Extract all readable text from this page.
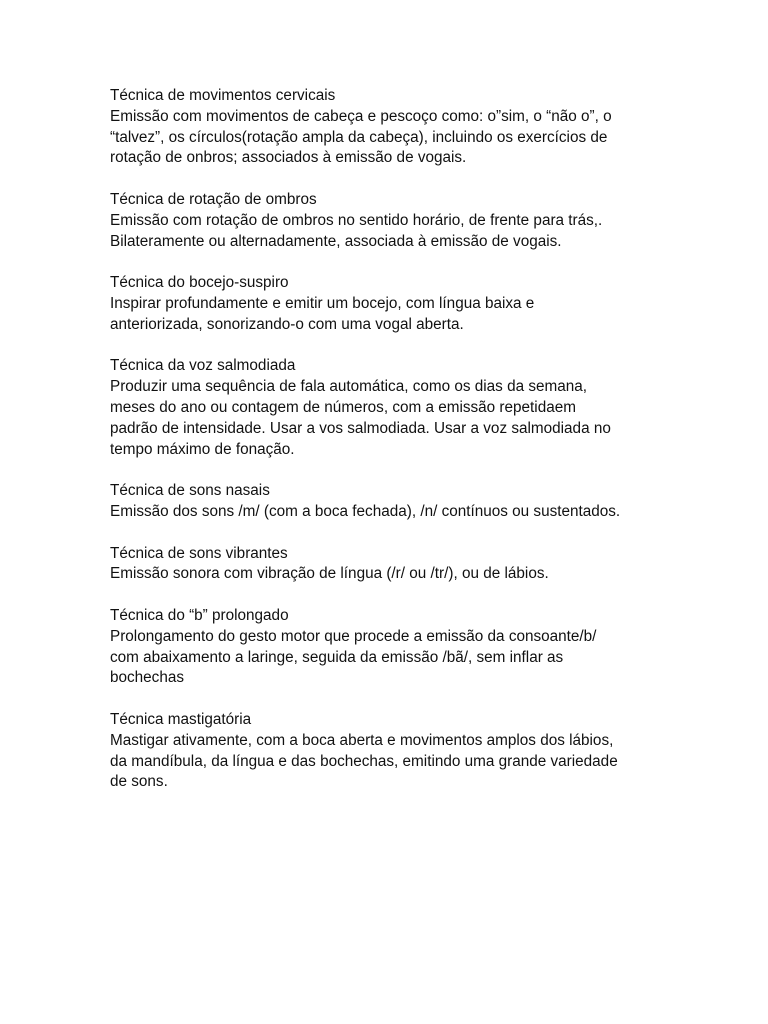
Técnica de movimentos cervicais

Emissão com movimentos de cabeça e pescoço como: o”sim, o “não o”, o
“talvez”, os círculos(rotação ampla da cabeça), incluindo os exercícios de
rotação de onbros; associados à emissão de vogais.

Técnica de rotação de ombros

Emissão com rotação de ombros no sentido horário, de frente para trás,.
Bilateramente ou alternadamente, associada à emissão de vogais.

Técnica do bocejo-suspiro

Inspirar profundamente e emitir um bocejo, com língua baixa e
anteriorizada, sonorizando-o com uma vogal aberta.

Técnica da voz salmodiada

Produzir uma sequência de fala automática, como os dias da semana,
meses do ano ou contagem de números, com a emissão repetidaem
padrão de intensidade. Usar a vos salmodiada. Usar a voz salmodiada no
tempo máximo de fonação.

Técnica de sons nasais

Emissão dos sons /m/ (com a boca fechada), /n/ contínuos ou sustentados.

Técnica de sons vibrantes

Emissão sonora com vibração de língua (/r/ ou /tr/), ou de lábios.

Técnica do “b” prolongado

Prolongamento do gesto motor que procede a emissão da consoante/b/
com abaixamento a laringe, seguida da emissão /bã/, sem inflar as
bochechas

Técnica mastigatória

Mastigar ativamente, com a boca aberta e movimentos amplos dos lábios,
da mandíbula, da língua e das bochechas, emitindo uma grande variedade
de sons.
